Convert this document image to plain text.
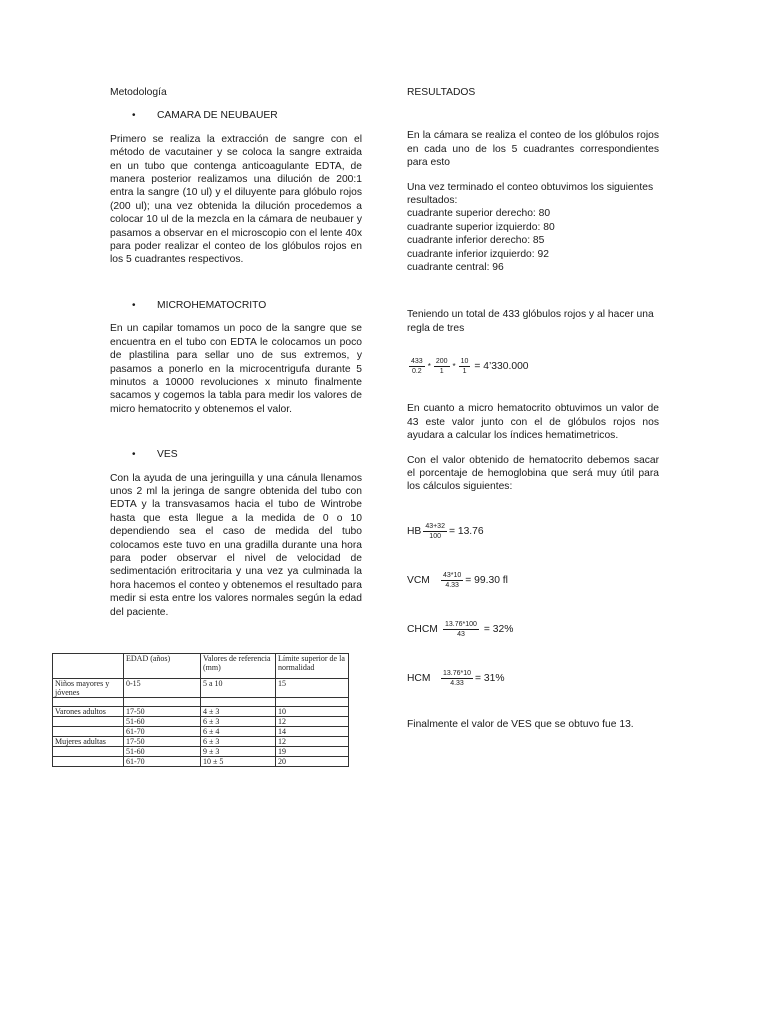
Metodología

•	CAMARA DE NEUBAUER

Primero se realiza la extracción de sangre con el método de vacutainer y se coloca la sangre extraida en un tubo que contenga anticoagulante EDTA, de manera posterior realizamos una dilución de 200:1 entra la sangre (10 ul) y el diluyente para glóbulo rojos (200 ul); una vez obtenida la dilución procedemos a colocar 10 ul de la mezcla en la cámara de neubauer y pasamos a observar en el microscopio con el lente 40x para poder realizar el conteo de los glóbulos rojos en los 5 cuadrantes respectivos.

•	MICROHEMATOCRITO

En un capilar tomamos un poco de la sangre que se encuentra en el tubo con EDTA le colocamos un poco de plastilina para sellar uno de sus extremos, y pasamos a ponerlo en la microcentrigufa durante 5 minutos a 10000 revoluciones x minuto finalmente sacamos y cogemos la tabla para medir los valores de micro hematocrito y obtenemos el valor.

•	VES

Con la ayuda de una jeringuilla y una cánula llenamos unos 2 ml la jeringa de sangre obtenida del tubo con EDTA y la transvasamos hacia el tubo de Wintrobe hasta que esta llegue a la medida de 0 o 10 dependiendo sea el caso de medida del tubo colocamos este tuvo en una gradilla durante una hora para poder observar el nivel de velocidad de sedimentación eritrocitaria y una vez ya culminada la hora hacemos el conteo y obtenemos el resultado para medir si esta entre los valores normales según la edad del paciente.

	EDAD (años)	Valores de referencia (mm)	Límite superior de la normalidad
Niños mayores y jóvenes	0-15	5 a 10	15

Varones adultos	17-50	4 ± 3	10
	51-60	6 ± 3	12
	61-70	6 ± 4	14
Mujeres adultas	17-50	6 ± 3	12
	51-60	9 ± 3	19
	61-70	10 ± 5	20

RESULTADOS

En la cámara se realiza el conteo de los glóbulos rojos en cada uno de los 5 cuadrantes correspondientes para esto

Una vez terminado el conteo obtuvimos los siguientes resultados:

cuadrante superior derecho: 80
cuadrante superior izquierdo: 80
cuadrante inferior derecho: 85
cuadrante inferior izquierdo: 92
cuadrante central: 96

Teniendo un total de 433 glóbulos rojos y al hacer una regla de tres

$\frac{433}{0.2} * \frac{200}{1} * \frac{10}{1}$ = 4’330.000

En cuanto a micro hematocrito obtuvimos un valor de 43 este valor junto con el de glóbulos rojos nos ayudara a calcular los índices hematimetricos.

Con el valor obtenido de hematocrito debemos sacar el porcentaje de hemoglobina que será muy útil para los cálculos siguientes:

HB $\frac{43+32}{100} = 13.76$
VCM	$\frac{43*10}{4.33} = 99.30$ fl
CHCM $\frac{13.76*100}{43} = 32\%$
HCM	$\frac{13.76*10}{4.33} = 31\%$

Finalmente el valor de VES que se obtuvo fue 13.
